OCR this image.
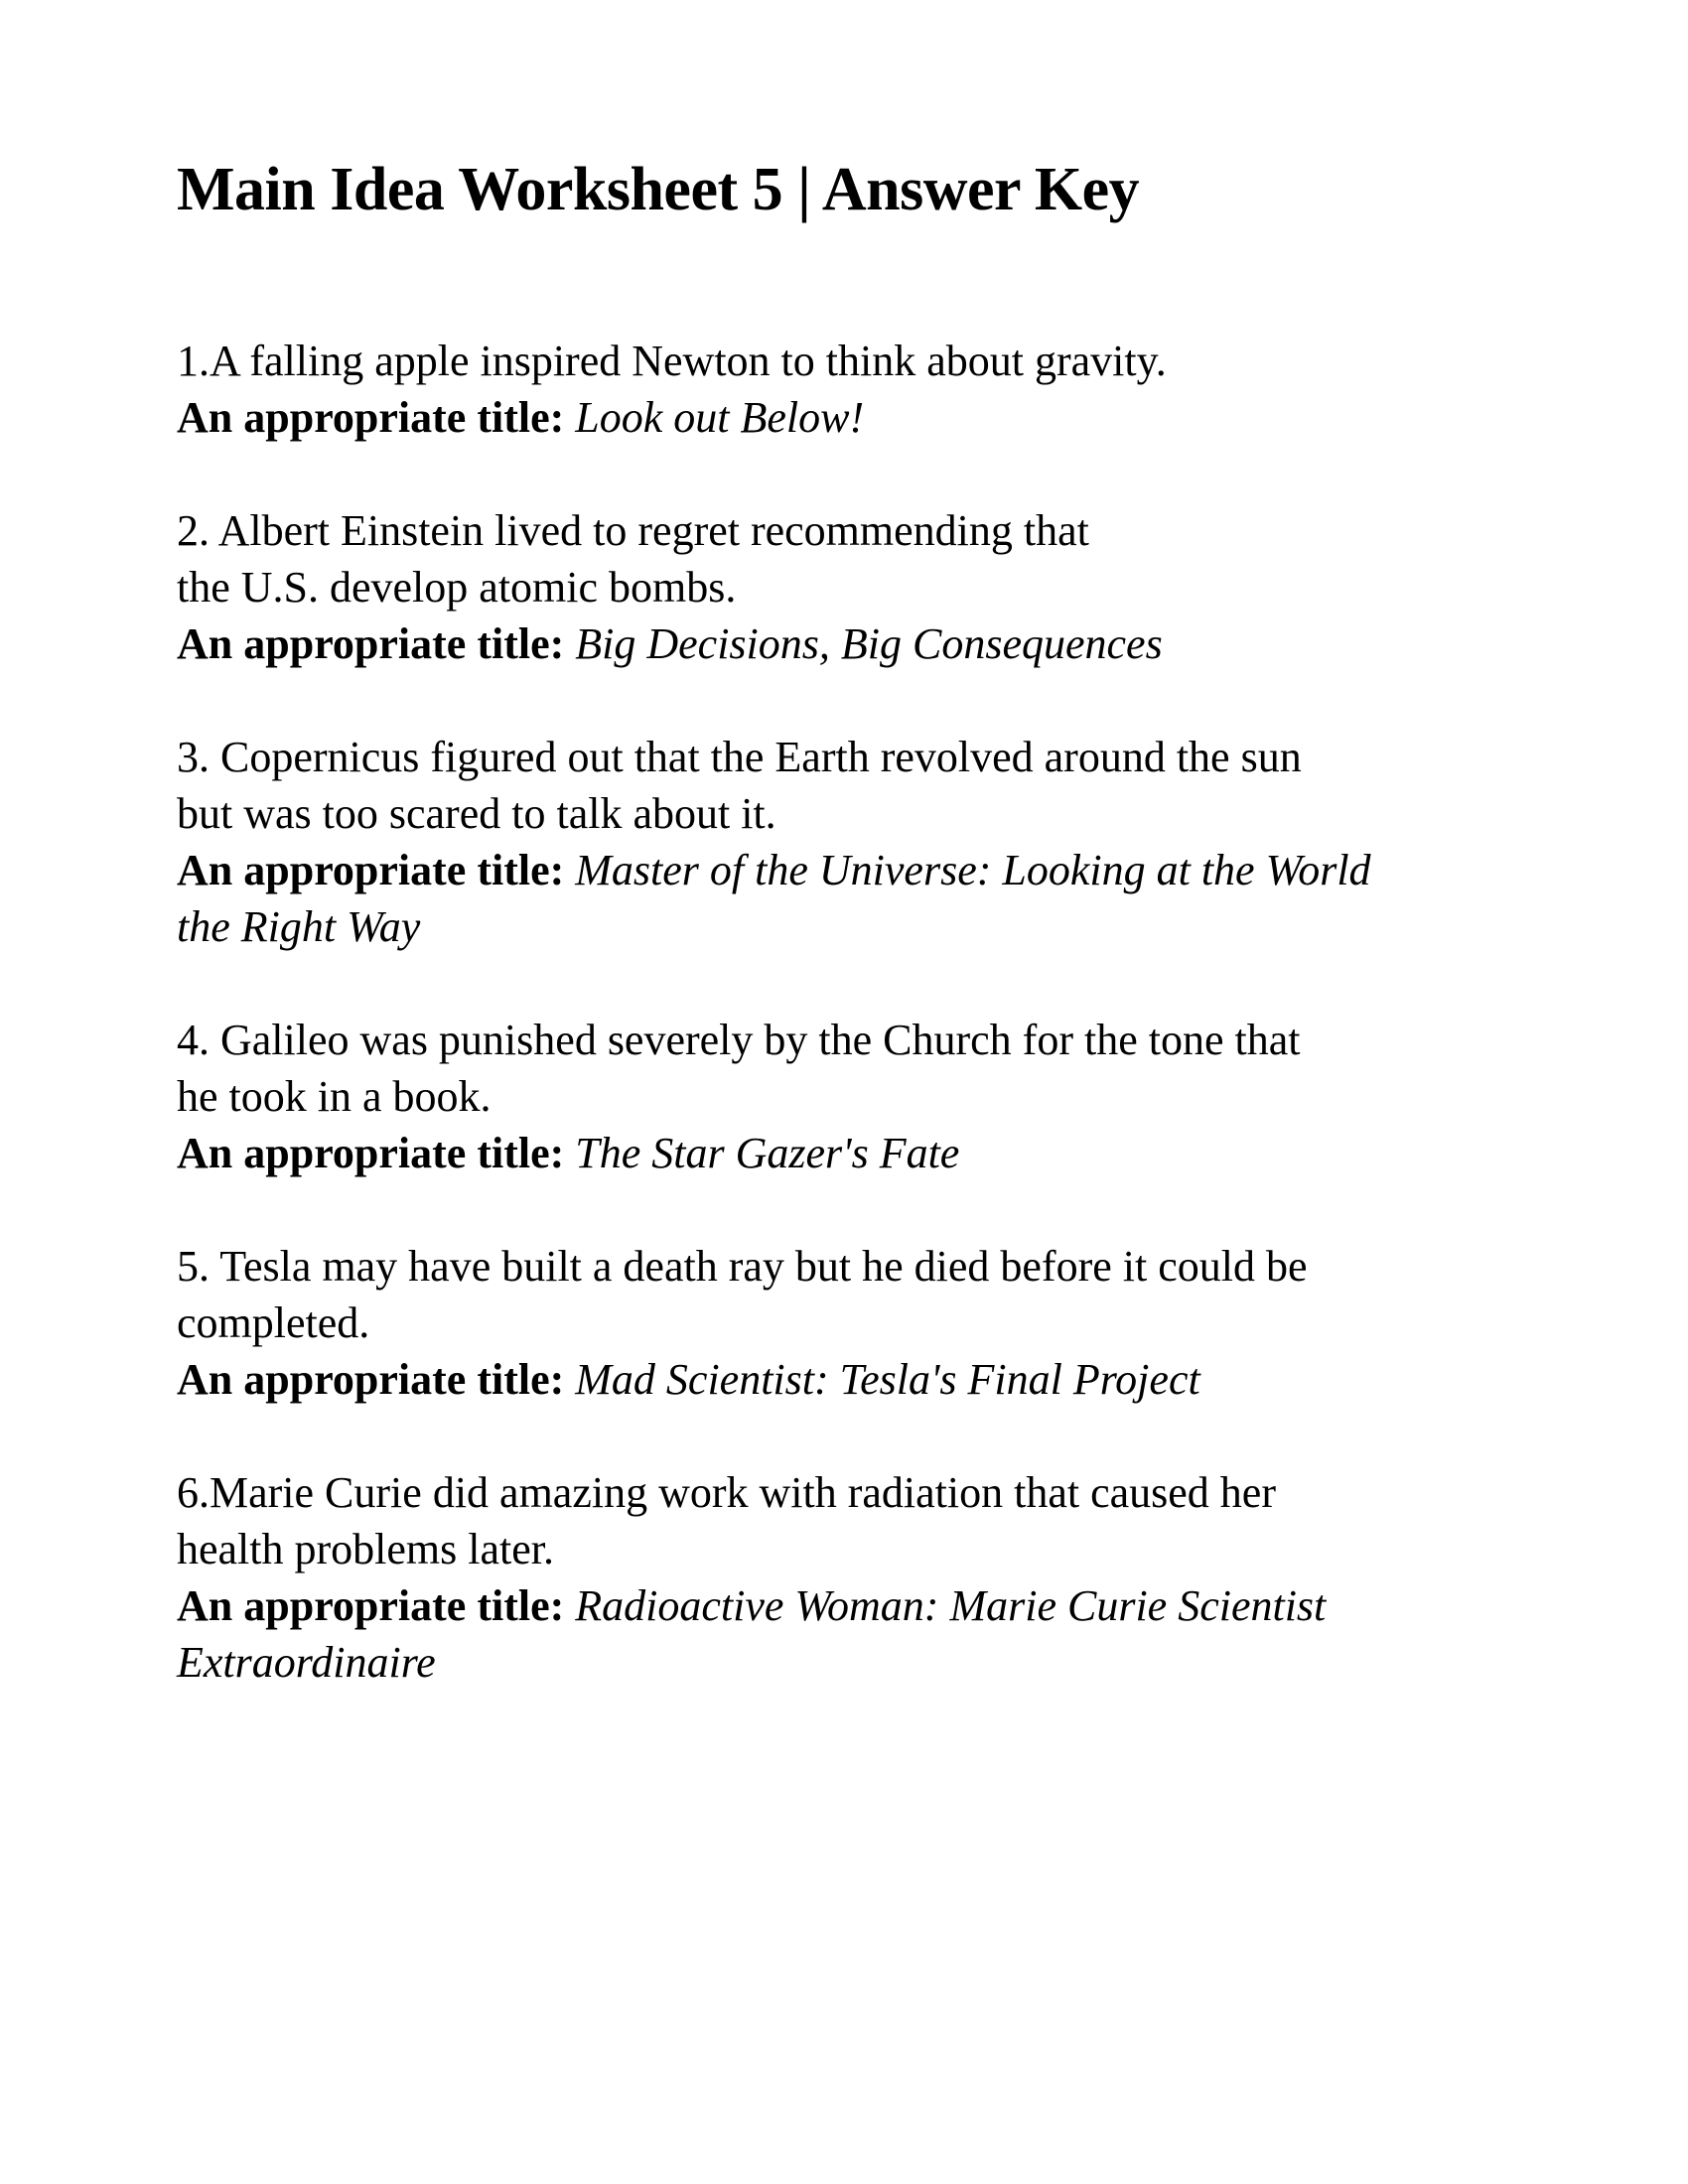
Main Idea Worksheet 5 | Answer Key
1.A falling apple inspired Newton to think about gravity.
An appropriate title: Look out Below!
2. Albert Einstein lived to regret recommending that
the U.S. develop atomic bombs.
An appropriate title: Big Decisions, Big Consequences
3. Copernicus figured out that the Earth revolved around the sun
but was too scared to talk about it.
An appropriate title: Master of the Universe: Looking at the World the Right Way
4. Galileo was punished severely by the Church for the tone that
he took in a book.
An appropriate title: The Star Gazer's Fate
5. Tesla may have built a death ray but he died before it could be
completed.
An appropriate title: Mad Scientist: Tesla's Final Project
6.Marie Curie did amazing work with radiation that caused her
health problems later.
An appropriate title: Radioactive Woman: Marie Curie Scientist Extraordinaire
